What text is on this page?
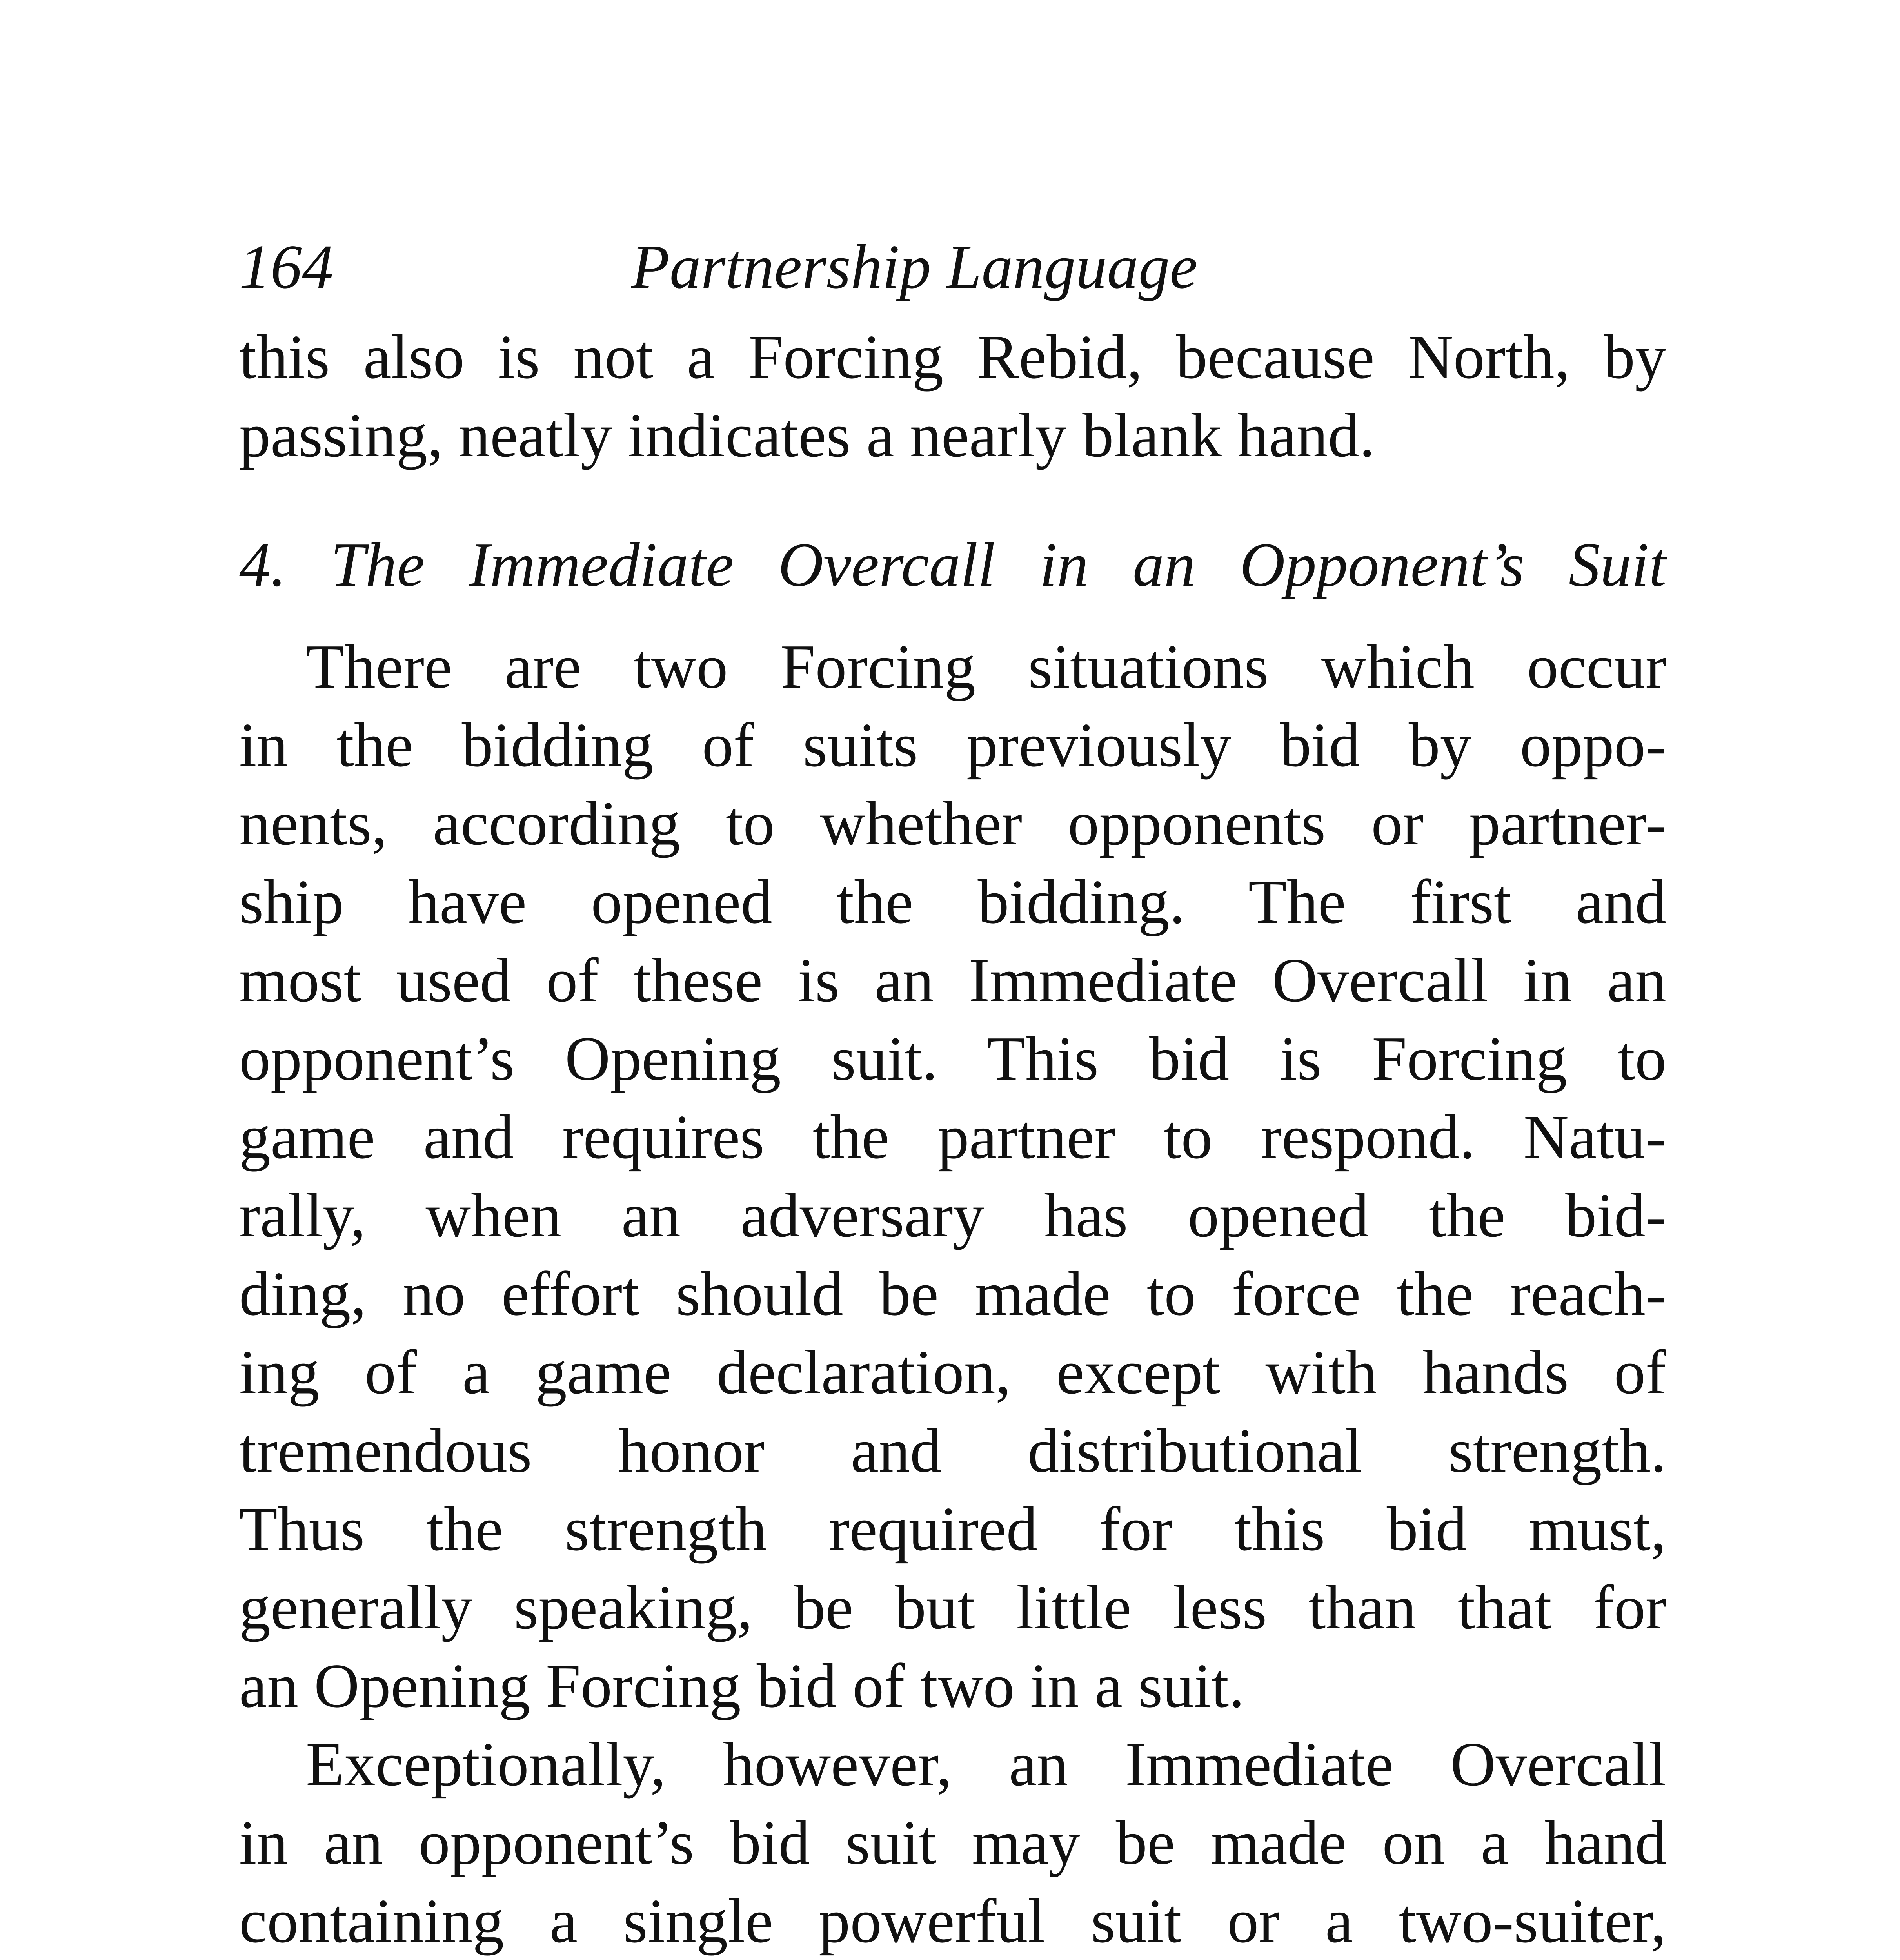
164	Partnership Language
this also is not a Forcing Rebid, because North, by
passing, neatly indicates a nearly blank hand.
4. The Immediate Overcall in an Opponent’s Suit
There are two Forcing situations which occur
in the bidding of suits previously bid by oppo-
nents, according to whether opponents or partner-
ship have opened the bidding. The first and
most used of these is an Immediate Overcall in an
opponent’s Opening suit. This bid is Forcing to
game and requires the partner to respond. Natu-
rally, when an adversary has opened the bid-
ding, no effort should be made to force the reach-
ing of a game declaration, except with hands of
tremendous honor and distributional strength.
Thus the strength required for this bid must,
generally speaking, be but little less than that for
an Opening Forcing bid of two in a suit.
Exceptionally, however, an Immediate Overcall
in an opponent’s bid suit may be made on a hand
containing a single powerful suit or a two-suiter,
